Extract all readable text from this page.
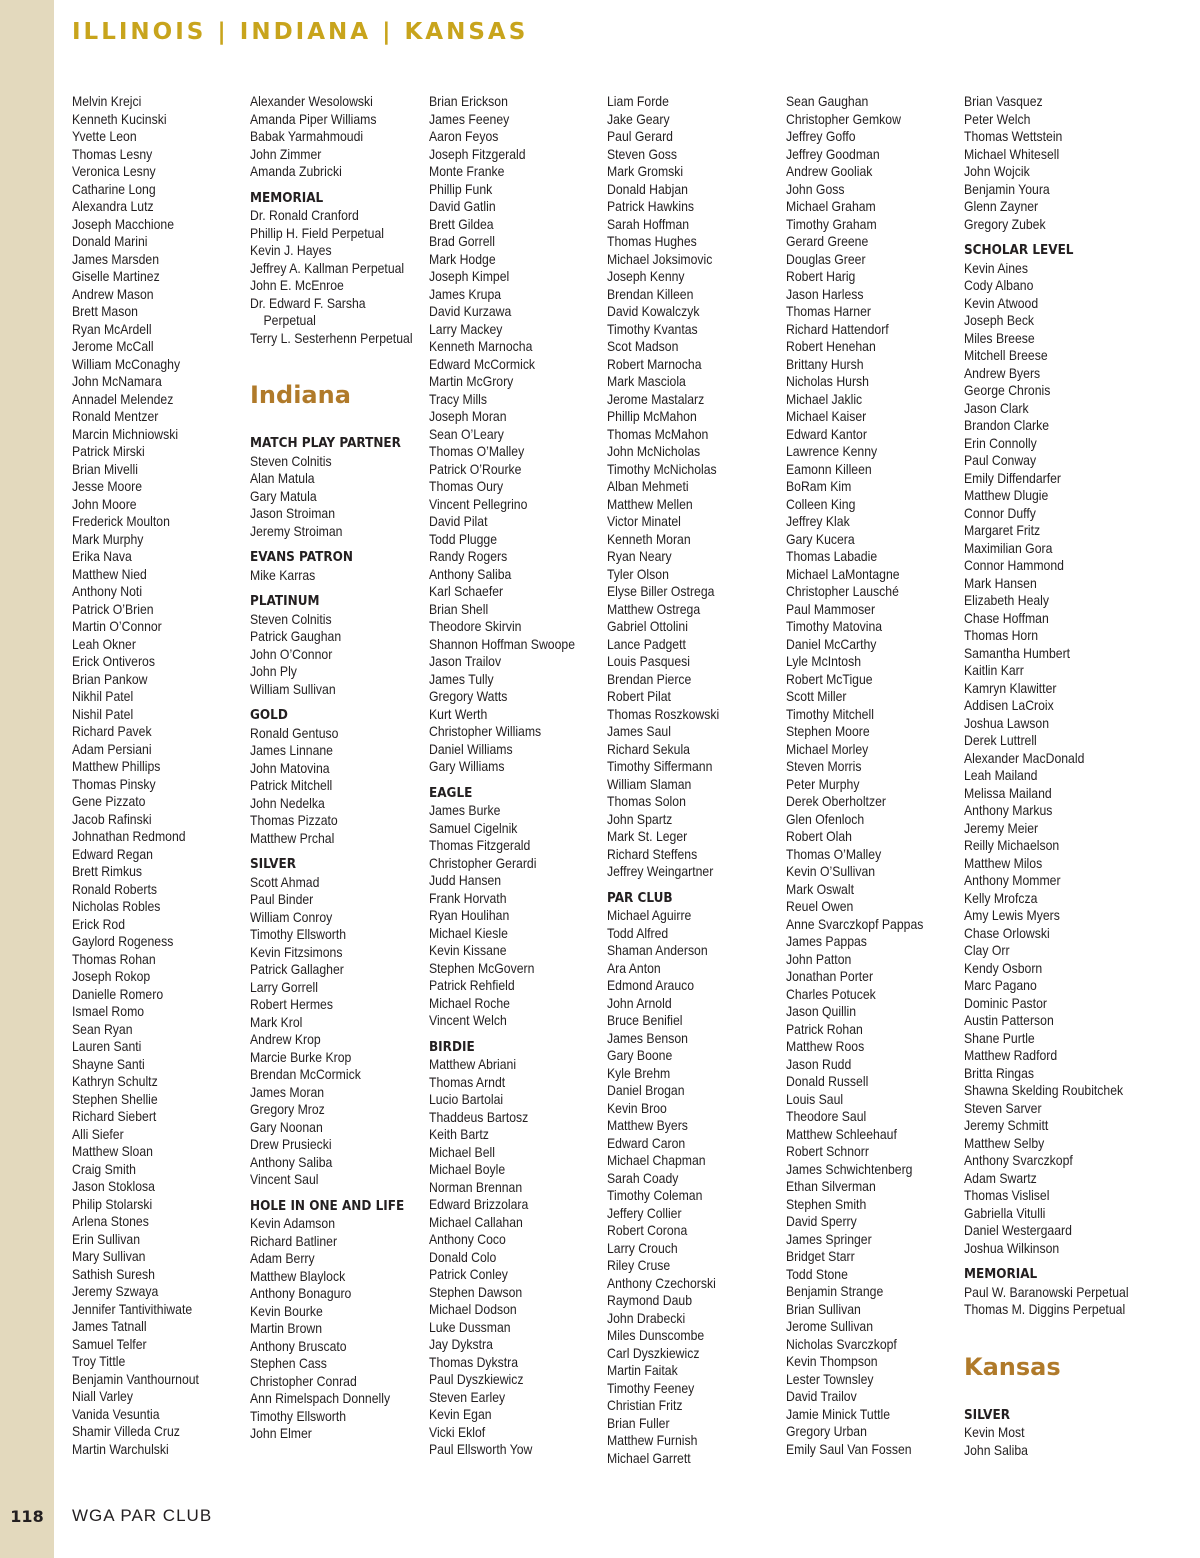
ILLINOIS | INDIANA | KANSAS
Melvin Krejci
Kenneth Kucinski
Yvette Leon
Thomas Lesny
Veronica Lesny
Catharine Long
Alexandra Lutz
Joseph Macchione
Donald Marini
James Marsden
Giselle Martinez
Andrew Mason
Brett Mason
Ryan McArdell
Jerome McCall
William McConaghy
John McNamara
Annadel Melendez
Ronald Mentzer
Marcin Michniowski
Patrick Mirski
Brian Mivelli
Jesse Moore
John Moore
Frederick Moulton
Mark Murphy
Erika Nava
Matthew Nied
Anthony Noti
Patrick O’Brien
Martin O’Connor
Leah Okner
Erick Ontiveros
Brian Pankow
Nikhil Patel
Nishil Patel
Richard Pavek
Adam Persiani
Matthew Phillips
Thomas Pinsky
Gene Pizzato
Jacob Rafinski
Johnathan Redmond
Edward Regan
Brett Rimkus
Ronald Roberts
Nicholas Robles
Erick Rod
Gaylord Rogeness
Thomas Rohan
Joseph Rokop
Danielle Romero
Ismael Romo
Sean Ryan
Lauren Santi
Shayne Santi
Kathryn Schultz
Stephen Shellie
Richard Siebert
Alli Siefer
Matthew Sloan
Craig Smith
Jason Stoklosa
Philip Stolarski
Arlena Stones
Erin Sullivan
Mary Sullivan
Sathish Suresh
Jeremy Szwaya
Jennifer Tantivithiwate
James Tatnall
Samuel Telfer
Troy Tittle
Benjamin Vanthournout
Niall Varley
Vanida Vesuntia
Shamir Villeda Cruz
Martin Warchulski
Alexander Wesolowski
Amanda Piper Williams
Babak Yarmahmoudi
John Zimmer
Amanda Zubricki
MEMORIAL
Dr. Ronald Cranford
Phillip H. Field Perpetual
Kevin J. Hayes
Jeffrey A. Kallman Perpetual
John E. McEnroe
Dr. Edward F. Sarsha
Perpetual
Terry L. Sesterhenn Perpetual
Indiana
MATCH PLAY PARTNER
Steven Colnitis
Alan Matula
Gary Matula
Jason Stroiman
Jeremy Stroiman
EVANS PATRON
Mike Karras
PLATINUM
Steven Colnitis
Patrick Gaughan
John O’Connor
John Ply
William Sullivan
GOLD
Ronald Gentuso
James Linnane
John Matovina
Patrick Mitchell
John Nedelka
Thomas Pizzato
Matthew Prchal
SILVER
Scott Ahmad
Paul Binder
William Conroy
Timothy Ellsworth
Kevin Fitzsimons
Patrick Gallagher
Larry Gorrell
Robert Hermes
Mark Krol
Andrew Krop
Marcie Burke Krop
Brendan McCormick
James Moran
Gregory Mroz
Gary Noonan
Drew Prusiecki
Anthony Saliba
Vincent Saul
HOLE IN ONE AND LIFE
Kevin Adamson
Richard Batliner
Adam Berry
Matthew Blaylock
Anthony Bonaguro
Kevin Bourke
Martin Brown
Anthony Bruscato
Stephen Cass
Christopher Conrad
Ann Rimelspach Donnelly
Timothy Ellsworth
John Elmer
Brian Erickson
James Feeney
Aaron Feyos
Joseph Fitzgerald
Monte Franke
Phillip Funk
David Gatlin
Brett Gildea
Brad Gorrell
Mark Hodge
Joseph Kimpel
James Krupa
David Kurzawa
Larry Mackey
Kenneth Marnocha
Edward McCormick
Martin McGrory
Tracy Mills
Joseph Moran
Sean O’Leary
Thomas O’Malley
Patrick O’Rourke
Thomas Oury
Vincent Pellegrino
David Pilat
Todd Plugge
Randy Rogers
Anthony Saliba
Karl Schaefer
Brian Shell
Theodore Skirvin
Shannon Hoffman Swoope
Jason Trailov
James Tully
Gregory Watts
Kurt Werth
Christopher Williams
Daniel Williams
Gary Williams
EAGLE
James Burke
Samuel Cigelnik
Thomas Fitzgerald
Christopher Gerardi
Judd Hansen
Frank Horvath
Ryan Houlihan
Michael Kiesle
Kevin Kissane
Stephen McGovern
Patrick Rehfield
Michael Roche
Vincent Welch
BIRDIE
Matthew Abriani
Thomas Arndt
Lucio Bartolai
Thaddeus Bartosz
Keith Bartz
Michael Bell
Michael Boyle
Norman Brennan
Edward Brizzolara
Michael Callahan
Anthony Coco
Donald Colo
Patrick Conley
Stephen Dawson
Michael Dodson
Luke Dussman
Jay Dykstra
Thomas Dykstra
Paul Dyszkiewicz
Steven Earley
Kevin Egan
Vicki Eklof
Paul Ellsworth Yow
Liam Forde
Jake Geary
Paul Gerard
Steven Goss
Mark Gromski
Donald Habjan
Patrick Hawkins
Sarah Hoffman
Thomas Hughes
Michael Joksimovic
Joseph Kenny
Brendan Killeen
David Kowalczyk
Timothy Kvantas
Scot Madson
Robert Marnocha
Mark Masciola
Jerome Mastalarz
Phillip McMahon
Thomas McMahon
John McNicholas
Timothy McNicholas
Alban Mehmeti
Matthew Mellen
Victor Minatel
Kenneth Moran
Ryan Neary
Tyler Olson
Elyse Biller Ostrega
Matthew Ostrega
Gabriel Ottolini
Lance Padgett
Louis Pasquesi
Brendan Pierce
Robert Pilat
Thomas Roszkowski
James Saul
Richard Sekula
Timothy Siffermann
William Slaman
Thomas Solon
John Spartz
Mark St. Leger
Richard Steffens
Jeffrey Weingartner
PAR CLUB
Michael Aguirre
Todd Alfred
Shaman Anderson
Ara Anton
Edmond Arauco
John Arnold
Bruce Benifiel
James Benson
Gary Boone
Kyle Brehm
Daniel Brogan
Kevin Broo
Matthew Byers
Edward Caron
Michael Chapman
Sarah Coady
Timothy Coleman
Jeffery Collier
Robert Corona
Larry Crouch
Riley Cruse
Anthony Czechorski
Raymond Daub
John Drabecki
Miles Dunscombe
Carl Dyszkiewicz
Martin Faitak
Timothy Feeney
Christian Fritz
Brian Fuller
Matthew Furnish
Michael Garrett
Sean Gaughan
Christopher Gemkow
Jeffrey Goffo
Jeffrey Goodman
Andrew Gooliak
John Goss
Michael Graham
Timothy Graham
Gerard Greene
Douglas Greer
Robert Harig
Jason Harless
Thomas Harner
Richard Hattendorf
Robert Henehan
Brittany Hursh
Nicholas Hursh
Michael Jaklic
Michael Kaiser
Edward Kantor
Lawrence Kenny
Eamonn Killeen
BoRam Kim
Colleen King
Jeffrey Klak
Gary Kucera
Thomas Labadie
Michael LaMontagne
Christopher Lausché
Paul Mammoser
Timothy Matovina
Daniel McCarthy
Lyle McIntosh
Robert McTigue
Scott Miller
Timothy Mitchell
Stephen Moore
Michael Morley
Steven Morris
Peter Murphy
Derek Oberholtzer
Glen Ofenloch
Robert Olah
Thomas O’Malley
Kevin O’Sullivan
Mark Oswalt
Reuel Owen
Anne Svarczkopf Pappas
James Pappas
John Patton
Jonathan Porter
Charles Potucek
Jason Quillin
Patrick Rohan
Matthew Roos
Jason Rudd
Donald Russell
Louis Saul
Theodore Saul
Matthew Schleehauf
Robert Schnorr
James Schwichtenberg
Ethan Silverman
Stephen Smith
David Sperry
James Springer
Bridget Starr
Todd Stone
Benjamin Strange
Brian Sullivan
Jerome Sullivan
Nicholas Svarczkopf
Kevin Thompson
Lester Townsley
David Trailov
Jamie Minick Tuttle
Gregory Urban
Emily Saul Van Fossen
Brian Vasquez
Peter Welch
Thomas Wettstein
Michael Whitesell
John Wojcik
Benjamin Youra
Glenn Zayner
Gregory Zubek
SCHOLAR LEVEL
Kevin Aines
Cody Albano
Kevin Atwood
Joseph Beck
Miles Breese
Mitchell Breese
Andrew Byers
George Chronis
Jason Clark
Brandon Clarke
Erin Connolly
Paul Conway
Emily Diffendarfer
Matthew Dlugie
Connor Duffy
Margaret Fritz
Maximilian Gora
Connor Hammond
Mark Hansen
Elizabeth Healy
Chase Hoffman
Thomas Horn
Samantha Humbert
Kaitlin Karr
Kamryn Klawitter
Addisen LaCroix
Joshua Lawson
Derek Luttrell
Alexander MacDonald
Leah Mailand
Melissa Mailand
Anthony Markus
Jeremy Meier
Reilly Michaelson
Matthew Milos
Anthony Mommer
Kelly Mrofcza
Amy Lewis Myers
Chase Orlowski
Clay Orr
Kendy Osborn
Marc Pagano
Dominic Pastor
Austin Patterson
Shane Purtle
Matthew Radford
Britta Ringas
Shawna Skelding Roubitchek
Steven Sarver
Jeremy Schmitt
Matthew Selby
Anthony Svarczkopf
Adam Swartz
Thomas Vislisel
Gabriella Vitulli
Daniel Westergaard
Joshua Wilkinson
MEMORIAL
Paul W. Baranowski Perpetual
Thomas M. Diggins Perpetual
Kansas
SILVER
Kevin Most
John Saliba
118	WGA PAR CLUB
